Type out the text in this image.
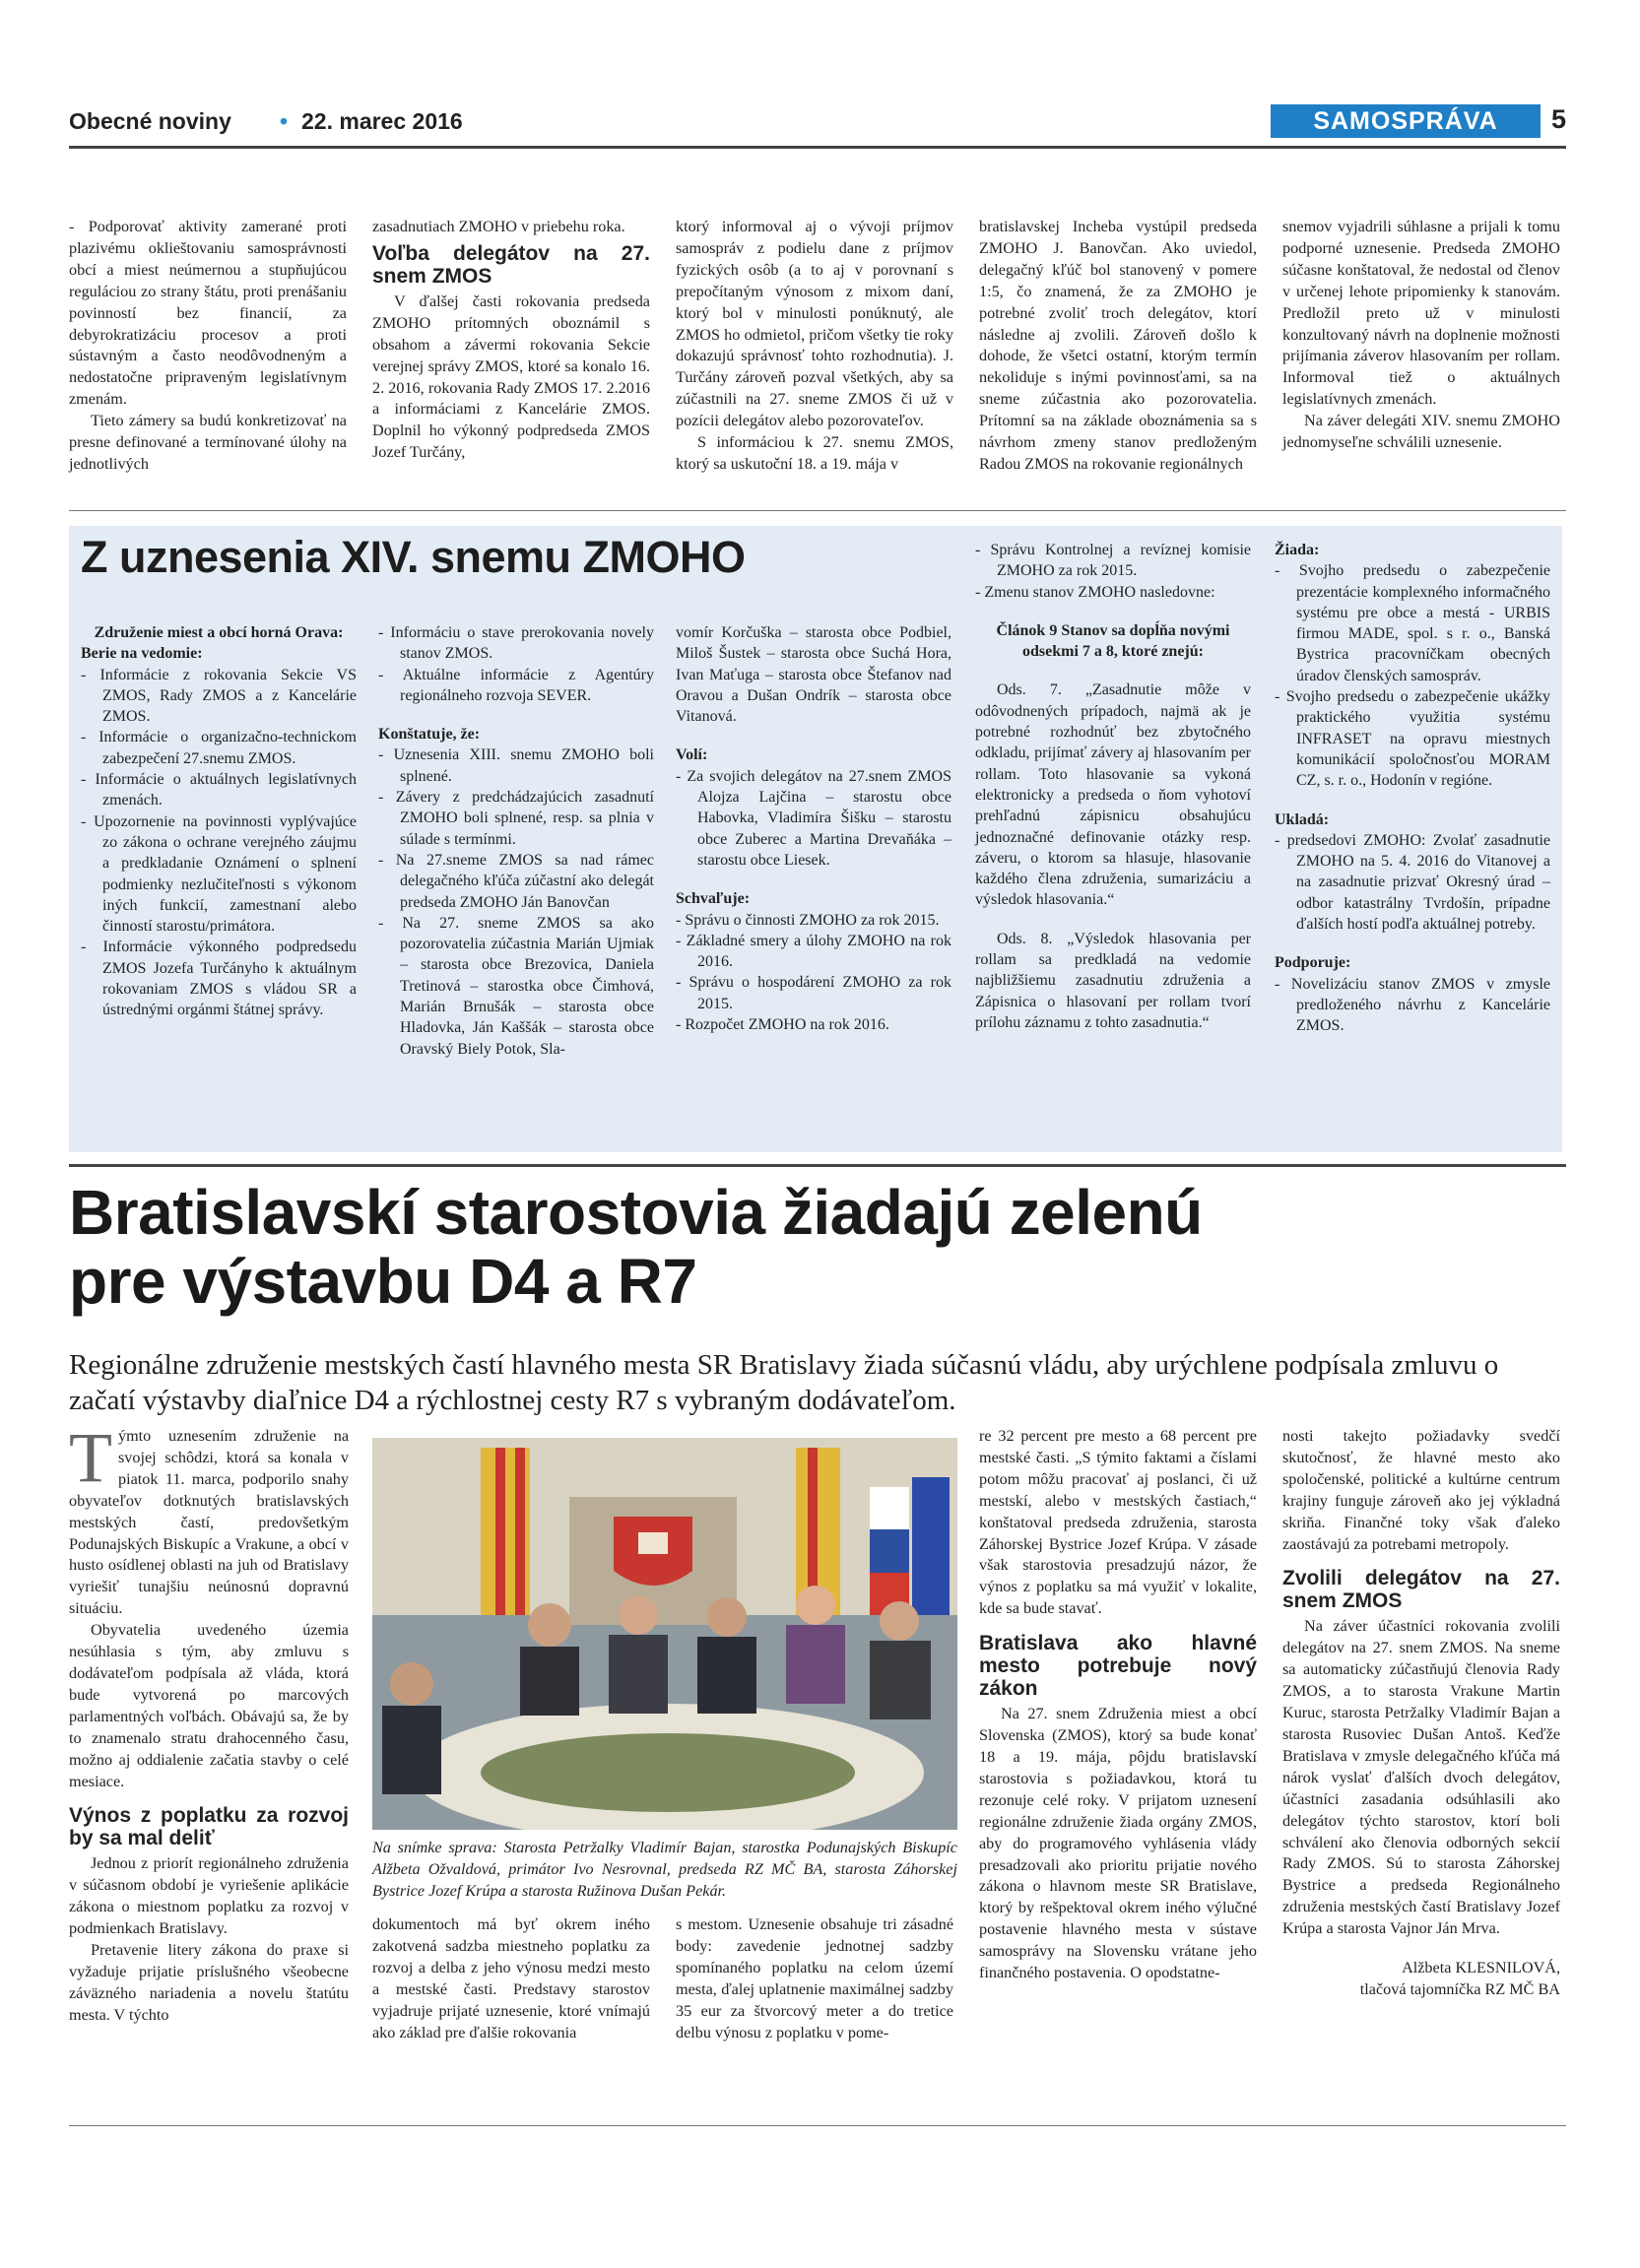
Obecné noviny • 22. marec 2016	SAMOSPRÁVA	5

- Podporovať aktivity zamerané proti plazivému oklieštovaniu samosprávnosti obcí a miest neúmernou a stupňujúcou reguláciou zo strany štátu, proti prenášaniu povinností bez financií, za debyrokratizáciu procesov a proti sústavným a často neodôvodneným a nedostatočne pripraveným legislatívnym zmenám.

Tieto zámery sa budú konkretizovať na presne definované a termínované úlohy na jednotlivých

zasadnutiach ZMOHO v priebehu roka.

Voľba delegátov na 27. snem ZMOS

V ďalšej časti rokovania predseda ZMOHO prítomných oboznámil s obsahom a závermi rokovania Sekcie verejnej správy ZMOS, ktoré sa konalo 16. 2. 2016, rokovania Rady ZMOS 17. 2.2016 a informáciami z Kancelárie ZMOS. Doplnil ho výkonný podpredseda ZMOS Jozef Turčány,

ktorý informoval aj o vývoji príjmov samospráv z podielu dane z príjmov fyzických osôb (a to aj v porovnaní s prepočítaným výnosom z mixom daní, ktorý bol v minulosti ponúknutý, ale ZMOS ho odmietol, pričom všetky tie roky dokazujú správnosť tohto rozhodnutia). J. Turčány zároveň pozval všetkých, aby sa zúčastnili na 27. sneme ZMOS či už v pozícii delegátov alebo pozorovateľov.

S informáciou k 27. snemu ZMOS, ktorý sa uskutoční 18. a 19. mája v

bratislavskej Incheba vystúpil predseda ZMOHO J. Banovčan. Ako uviedol, delegačný kľúč bol stanovený v pomere 1:5, čo znamená, že za ZMOHO je potrebné zvoliť troch delegátov, ktorí následne aj zvolili. Zároveň došlo k dohode, že všetci ostatní, ktorým termín nekoliduje s inými povinnosťami, sa na sneme zúčastnia ako pozorovatelia. Prítomní sa na základe oboznámenia sa s návrhom zmeny stanov predloženým Radou ZMOS na rokovanie regionálnych

snemov vyjadrili súhlasne a prijali k tomu podporné uznesenie. Predseda ZMOHO súčasne konštatoval, že nedostal od členov v určenej lehote pripomienky k stanovám. Predložil preto už v minulosti konzultovaný návrh na doplnenie možnosti prijímania záverov hlasovaním per rollam. Informoval tiež o aktuálnych legislatívnych zmenách.

Na záver delegáti XIV. snemu ZMOHO jednomyseľne schválili uznesenie.

Z uznesenia XIV. snemu ZMOHO

Združenie miest a obcí horná Orava:

Berie na vedomie:

- Informácie z rokovania Sekcie VS ZMOS, Rady ZMOS a z Kancelárie ZMOS.

- Informácie o organizačno-technickom zabezpečení 27.snemu ZMOS.

- Informácie o aktuálnych legislatívnych zmenách.

- Upozornenie na povinnosti vyplývajúce zo zákona o ochrane verejného záujmu a predkladanie Oznámení o splnení podmienky nezlučiteľnosti s výkonom iných funkcií, zamestnaní alebo činností starostu/primátora.

- Informácie výkonného podpredsedu ZMOS Jozefa Turčányho k aktuálnym rokovaniam ZMOS s vládou SR a ústrednými orgánmi štátnej správy.

- Informáciu o stave prerokovania novely stanov ZMOS.

- Aktuálne informácie z Agentúry regionálneho rozvoja SEVER.

Konštatuje, že:

- Uznesenia XIII. snemu ZMOHO boli splnené.

- Závery z predchádzajúcich zasadnutí ZMOHO boli splnené, resp. sa plnia v súlade s termínmi.

- Na 27.sneme ZMOS sa nad rámec delegačného kľúča zúčastní ako delegát predseda ZMOHO Ján Banovčan

- Na 27. sneme ZMOS sa ako pozorovatelia zúčastnia Marián Ujmiak – starosta obce Brezovica, Daniela Tretinová – starostka obce Čimhová, Marián Brnušák – starosta obce Hladovka, Ján Kaššák – starosta obce Oravský Biely Potok, Sla-

vomír Korčuška – starosta obce Podbiel, Miloš Šustek – starosta obce Suchá Hora, Ivan Maťuga – starosta obce Štefanov nad Oravou a Dušan Ondrík – starosta obce Vitanová.

Volí:

- Za svojich delegátov na 27.snem ZMOS Alojza Lajčina – starostu obce Habovka, Vladimíra Šišku – starostu obce Zuberec a Martina Drevaňáka – starostu obce Liesek.

Schvaľuje:

- Správu o činnosti ZMOHO za rok 2015.

- Základné smery a úlohy ZMOHO na rok 2016.

- Správu o hospodárení ZMOHO za rok 2015.

- Rozpočet ZMOHO na rok 2016.

- Správu Kontrolnej a revíznej komisie ZMOHO za rok 2015.

- Zmenu stanov ZMOHO nasledovne:

Článok 9 Stanov sa dopĺňa novými odsekmi 7 a 8, ktoré znejú:

Ods. 7. „Zasadnutie môže v odôvodnených prípadoch, najmä ak je potrebné rozhodnúť bez zbytočného odkladu, prijímať závery aj hlasovaním per rollam. Toto hlasovanie sa vykoná elektronicky a predseda o ňom vyhotoví prehľadnú zápisnicu obsahujúcu jednoznačné definovanie otázky resp. záveru, o ktorom sa hlasuje, hlasovanie každého člena združenia, sumarizáciu a výsledok hlasovania.“

Ods. 8. „Výsledok hlasovania per rollam sa predkladá na vedomie najbližšiemu zasadnutiu združenia a Zápisnica o hlasovaní per rollam tvorí prílohu záznamu z tohto zasadnutia.“

Žiada:

- Svojho predsedu o zabezpečenie prezentácie komplexného informačného systému pre obce a mestá - URBIS firmou MADE, spol. s r. o., Banská Bystrica pracovníčkam obecných úradov členských samospráv.

- Svojho predsedu o zabezpečenie ukážky praktického využitia systému INFRASET na opravu miestnych komunikácií spoločnosťou MORAM CZ, s. r. o., Hodonín v regióne.

Ukladá:

- predsedovi ZMOHO: Zvolať zasadnutie ZMOHO na 5. 4. 2016 do Vitanovej a na zasadnutie prizvať Okresný úrad – odbor katastrálny Tvrdošín, prípadne ďalších hostí podľa aktuálnej potreby.

Podporuje:

- Novelizáciu stanov ZMOS v zmysle predloženého návrhu z Kancelárie ZMOS.

Bratislavskí starostovia žiadajú zelenú
pre výstavbu D4 a R7
Regionálne združenie mestských častí hlavného mesta SR Bratislavy žiada súčasnú vládu, aby urýchlene podpísala zmluvu o začatí výstavby diaľnice D4 a rýchlostnej cesty R7 s vybraným dodávateľom.

Týmto uznesením združenie na svojej schôdzi, ktorá sa konala v piatok 11. marca, podporilo snahy obyvateľov dotknutých bratislavských mestských častí, predovšetkým Podunajských Biskupíc a Vrakune, a obcí v husto osídlenej oblasti na juh od Bratislavy vyriešiť tunajšiu neúnosnú dopravnú situáciu.

Obyvatelia uvedeného územia nesúhlasia s tým, aby zmluvu s dodávateľom podpísala až vláda, ktorá bude vytvorená po marcových parlamentných voľbách. Obávajú sa, že by to znamenalo stratu drahocenného času, možno aj oddialenie začatia stavby o celé mesiace.

Výnos z poplatku za rozvoj by sa mal deliť

Jednou z priorít regionálneho združenia v súčasnom období je vyriešenie aplikácie zákona o miestnom poplatku za rozvoj v podmienkach Bratislavy.

Pretavenie litery zákona do praxe si vyžaduje prijatie príslušného všeobecne záväzného nariadenia a novelu štatútu mesta. V týchto

Na snímke sprava: Starosta Petržalky Vladimír Bajan, starostka Podunajských Biskupíc Alžbeta Ožvaldová, primátor Ivo Nesrovnal, predseda RZ MČ BA, starosta Záhorskej Bystrice Jozef Krúpa a starosta Ružinova Dušan Pekár.

dokumentoch má byť okrem iného zakotvená sadzba miestneho poplatku za rozvoj a delba z jeho výnosu medzi mesto a mestské časti. Predstavy starostov vyjadruje prijaté uznesenie, ktoré vnímajú ako základ pre ďalšie rokovania

s mestom. Uznesenie obsahuje tri zásadné body: zavedenie jednotnej sadzby spomínaného poplatku na celom území mesta, ďalej uplatnenie maximálnej sadzby 35 eur za štvorcový meter a do tretice delbu výnosu z poplatku v pome-

re 32 percent pre mesto a 68 percent pre mestské časti. „S týmito faktami a číslami potom môžu pracovať aj poslanci, či už mestskí, alebo v mestských častiach,“ konštatoval predseda združenia, starosta Záhorskej Bystrice Jozef Krúpa. V zásade však starostovia presadzujú názor, že výnos z poplatku sa má využiť v lokalite, kde sa bude stavať.

Bratislava ako hlavné mesto potrebuje nový zákon

Na 27. snem Združenia miest a obcí Slovenska (ZMOS), ktorý sa bude konať 18 a 19. mája, pôjdu bratislavskí starostovia s požiadavkou, ktorá tu rezonuje celé roky. V prijatom uznesení regionálne združenie žiada orgány ZMOS, aby do programového vyhlásenia vlády presadzovali ako prioritu prijatie nového zákona o hlavnom meste SR Bratislave, ktorý by rešpektoval okrem iného výlučné postavenie hlavného mesta v sústave samosprávy na Slovensku vrátane jeho finančného postavenia. O opodstatne-

nosti takejto požiadavky svedčí skutočnosť, že hlavné mesto ako spoločenské, politické a kultúrne centrum krajiny funguje zároveň ako jej výkladná skriňa. Finančné toky však ďaleko zaostávajú za potrebami metropoly.

Zvolili delegátov na 27. snem ZMOS

Na záver účastníci rokovania zvolili delegátov na 27. snem ZMOS. Na sneme sa automaticky zúčastňujú členovia Rady ZMOS, a to starosta Vrakune Martin Kuruc, starosta Petržalky Vladimír Bajan a starosta Rusoviec Dušan Antoš. Keďže Bratislava v zmysle delegačného kľúča má nárok vyslať ďalších dvoch delegátov, účastníci zasadania odsúhlasili ako delegátov týchto starostov, ktorí boli schválení ako členovia odborných sekcií Rady ZMOS. Sú to starosta Záhorskej Bystrice a predseda Regionálneho združenia mestských častí Bratislavy Jozef Krúpa a starosta Vajnor Ján Mrva.

Alžbeta KLESNILOVÁ,

tlačová tajomníčka RZ MČ BA
